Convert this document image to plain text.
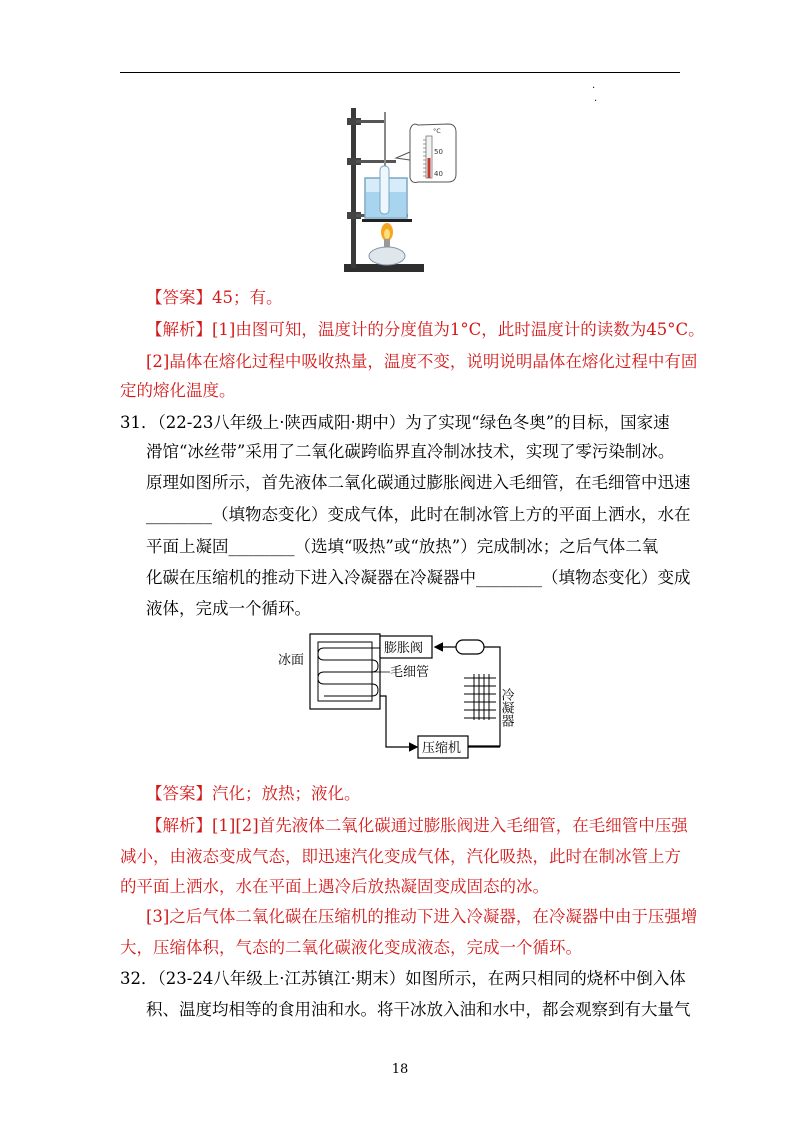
.
.
°C
50
40
【答案】45；有。
【解析】[1]由图可知，温度计的分度值为1°C，此时温度计的读数为45°C。
[2]晶体在熔化过程中吸收热量，温度不变，说明说明晶体在熔化过程中有固
定的熔化温度。
31．（22-23八年级上·陕西咸阳·期中）为了实现“绿色冬奥”的目标，国家速
滑馆“冰丝带”采用了二氧化碳跨临界直冷制冰技术，实现了零污染制冰。
原理如图所示，首先液体二氧化碳通过膨胀阀进入毛细管，在毛细管中迅速
________（填物态变化）变成气体，此时在制冰管上方的平面上洒水，水在
平面上凝固________（选填“吸热”或“放热”）完成制冰；之后气体二氧
化碳在压缩机的推动下进入冷凝器在冷凝器中________（填物态变化）变成
液体，完成一个循环。
冰面
膨胀阀
毛细管
冷凝器
压缩机
【答案】汽化；放热；液化。
【解析】[1][2]首先液体二氧化碳通过膨胀阀进入毛细管，在毛细管中压强
减小，由液态变成气态，即迅速汽化变成气体，汽化吸热，此时在制冰管上方
的平面上洒水，水在平面上遇冷后放热凝固变成固态的冰。
[3]之后气体二氧化碳在压缩机的推动下进入冷凝器，在冷凝器中由于压强增
大，压缩体积，气态的二氧化碳液化变成液态，完成一个循环。
32．（23-24八年级上·江苏镇江·期末）如图所示，在两只相同的烧杯中倒入体
积、温度均相等的食用油和水。将干冰放入油和水中，都会观察到有大量气
18
